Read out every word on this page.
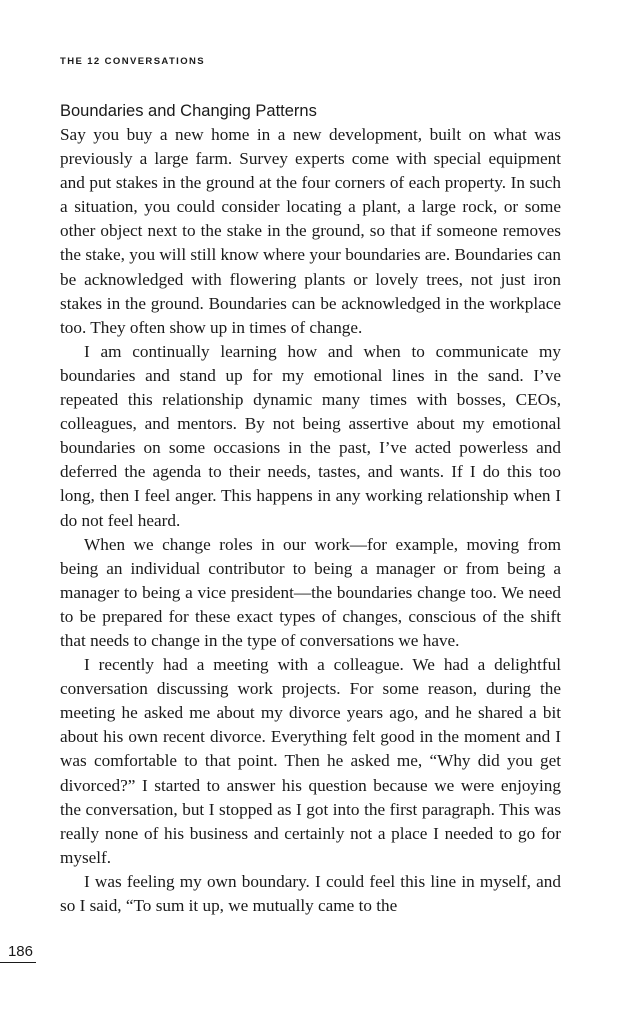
THE 12 CONVERSATIONS
Boundaries and Changing Patterns

Say you buy a new home in a new development, built on what was previously a large farm. Survey experts come with special equipment and put stakes in the ground at the four corners of each property. In such a situation, you could consider locating a plant, a large rock, or some other object next to the stake in the ground, so that if someone removes the stake, you will still know where your boundaries are. Boundaries can be acknowledged with flowering plants or lovely trees, not just iron stakes in the ground. Boundaries can be acknowledged in the workplace too. They often show up in times of change.

I am continually learning how and when to communicate my boundaries and stand up for my emotional lines in the sand. I’ve repeated this relationship dynamic many times with bosses, CEOs, colleagues, and mentors. By not being assertive about my emotional boundaries on some occasions in the past, I’ve acted powerless and deferred the agenda to their needs, tastes, and wants. If I do this too long, then I feel anger. This happens in any working relationship when I do not feel heard.

When we change roles in our work—for example, moving from being an individual contributor to being a manager or from being a manager to being a vice president—the boundaries change too. We need to be prepared for these exact types of changes, conscious of the shift that needs to change in the type of conversations we have.

I recently had a meeting with a colleague. We had a delightful conversation discussing work projects. For some reason, during the meeting he asked me about my divorce years ago, and he shared a bit about his own recent divorce. Everything felt good in the moment and I was comfortable to that point. Then he asked me, “Why did you get divorced?” I started to answer his question because we were enjoying the conversation, but I stopped as I got into the first paragraph. This was really none of his business and certainly not a place I needed to go for myself.

I was feeling my own boundary. I could feel this line in myself, and so I said, “To sum it up, we mutually came to the

186
